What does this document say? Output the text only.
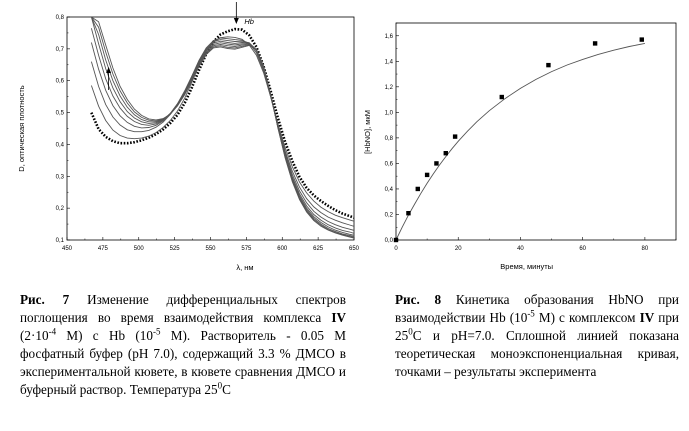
450	475	500	525	550	575	600	625	650
0,1
0,2
0,3
0,4
0,5
0,6
0,7
0,8
λ, нм
D, оптическая плотность
Hb
0	20	40	60	80
0,0
0,2
0,4
0,6
0,8
1,0
1,2
1,4
1,6
Время, минуты
[HbNO], мкМ
Рис. 7 Изменение дифференциальных спектров поглощения во время взаимодействия комплекса IV ($2\cdot 10^{-4}$ М) с Hb ($10^{-5}$ М). Растворитель - 0.05 М фосфатный буфер (рН 7.0), содержащий 3.3 % ДМСО в экспериментальной кювете, в кювете сравнения ДМСО и буферный раствор. Температура $25^0С$
Рис. 8 Кинетика образования HbNO при взаимодействии Hb ($10^{-5}$ М) с комплексом IV при $25^0С$ и рН=7.0. Сплошной линией показана теоретическая моноэкспоненциальная кривая, точками – результаты эксперимента
